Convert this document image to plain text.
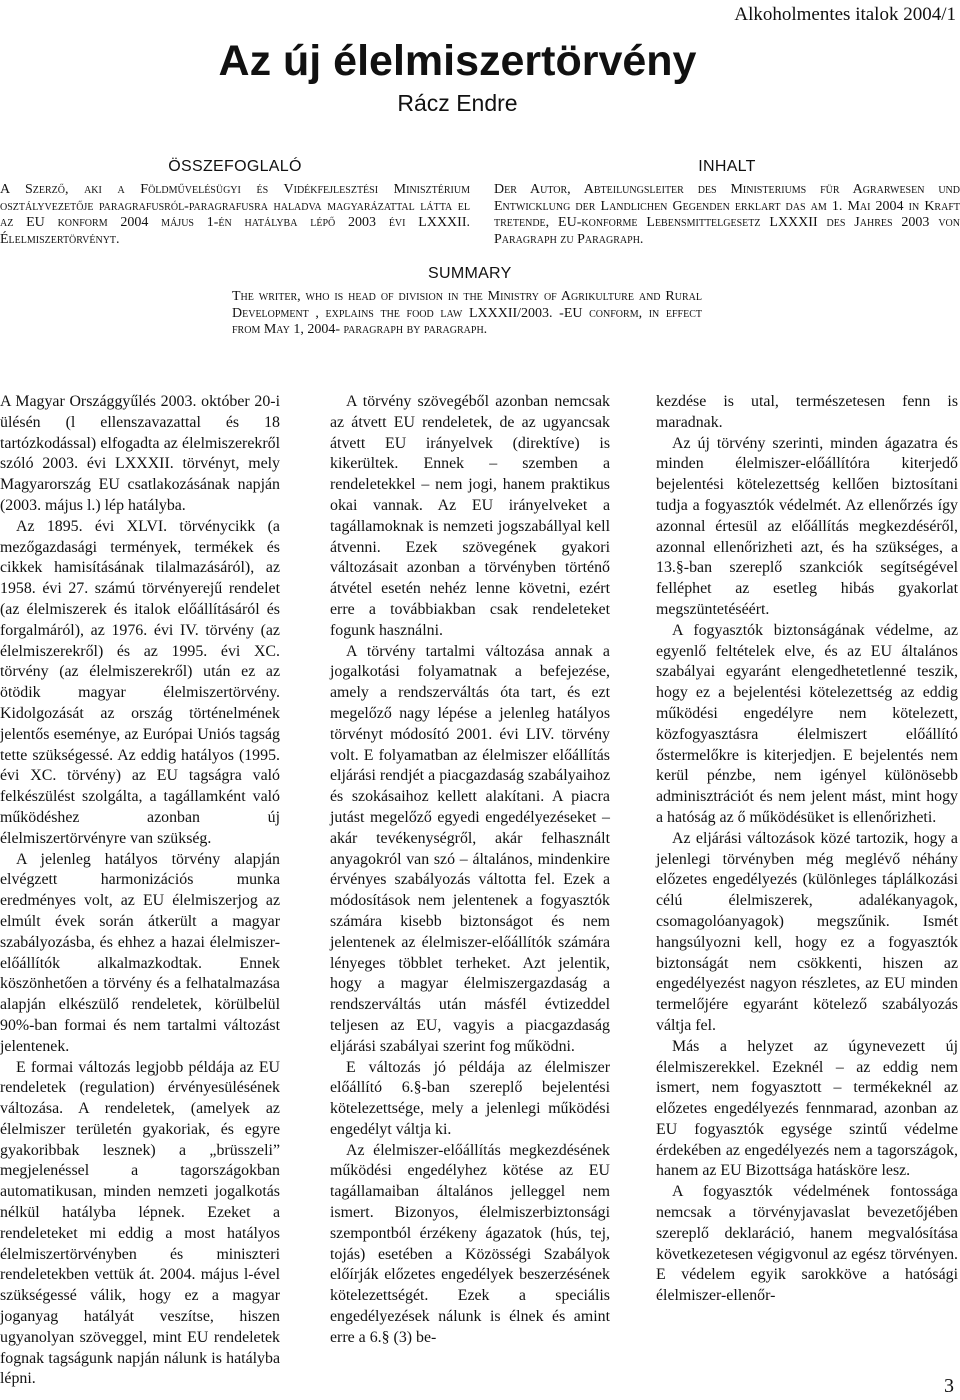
Alkoholmentes italok 2004/1
Az új élelmiszertörvény
Rácz Endre
ÖSSZEFOGLALÓ

A Szerző, aki a Földművelésügyi és Vidékfejlesztési Minisztérium osztályvezetője paragrafusról-paragrafusra haladva magyarázattal látta el az EU konform 2004 május 1-én hatályba lépő 2003 évi LXXXII. Élelmiszertörvényt.

INHALT

Der Autor, Abteilungsleiter des Ministeriums für Agrarwesen und Entwicklung der Landlichen Gegenden erklart das am 1. Mai 2004 in Kraft tretende, EU-konforme Lebensmittelgesetz LXXXII des Jahres 2003 von Paragraph zu Paragraph.

SUMMARY

The writer, who is head of division in the Ministry of Agrikulture and Rural Development , explains the food law LXXXII/2003. -EU conform, in effect from May 1, 2004- paragraph by paragraph.

A Magyar Országgyűlés 2003. október 20-i ülésén (l ellenszavazattal és 18 tartózkodással) elfogadta az élelmiszerekről szóló 2003. évi LXXXII. törvényt, mely Magyarország EU csatlakozásának napján (2003. május l.) lép hatályba.

Az 1895. évi XLVI. törvénycikk (a mezőgazdasági termények, termékek és cikkek hamisításának tilalmazásáról), az 1958. évi 27. számú törvényerejű rendelet (az élelmiszerek és italok előállításáról és forgalmáról), az 1976. évi IV. törvény (az élelmiszerekről) és az 1995. évi XC. törvény (az élelmiszerekről) után ez az ötödik magyar élelmiszertörvény. Kidolgozását az ország történelmének jelentős eseménye, az Európai Uniós tagság tette szükségessé. Az eddig hatályos (1995. évi XC. törvény) az EU tagságra való felkészülést szolgálta, a tagállamként való működéshez azonban új élelmiszertörvényre van szükség.

A jelenleg hatályos törvény alapján elvégzett harmonizációs munka eredményes volt, az EU élelmiszerjog az elmúlt évek során átkerült a magyar szabályozásba, és ehhez a hazai élelmiszer-előállítók alkalmazkodtak. Ennek köszönhetően a törvény és a felhatalmazása alapján elkészülő rendeletek, körülbelül 90%-ban formai és nem tartalmi változást jelentenek.

E formai változás legjobb példája az EU rendeletek (regulation) érvényesülésének változása. A rendeletek, (amelyek az élelmiszer területén gyakoriak, és egyre gyakoribbak lesznek) a „brüsszeli” megjelenéssel a tagországokban automatikusan, minden nemzeti jogalkotás nélkül hatályba lépnek. Ezeket a rendeleteket mi eddig a most hatályos élelmiszertörvényben és miniszteri rendeletekben vettük át. 2004. május l-ével szükségessé válik, hogy ez a magyar joganyag hatályát veszítse, hiszen ugyanolyan szöveggel, mint EU rendeletek fognak tagságunk napján nálunk is hatályba lépni.

A törvény szövegéből azonban nemcsak az átvett EU rendeletek, de az ugyancsak átvett EU irányelvek (direktíve) is kikerültek. Ennek – szemben a rendeletekkel – nem jogi, hanem praktikus okai vannak. Az EU irányelveket a tagállamoknak is nemzeti jogszabállyal kell átvenni. Ezek szövegének gyakori változásait azonban a törvényben történő átvétel esetén nehéz lenne követni, ezért erre a továbbiakban csak rendeleteket fogunk használni.

A törvény tartalmi változása annak a jogalkotási folyamatnak a befejezése, amely a rendszerváltás óta tart, és ezt megelőző nagy lépése a jelenleg hatályos törvényt módosító 2001. évi LIV. törvény volt. E folyamatban az élelmiszer előállítás eljárási rendjét a piacgazdaság szabályaihoz és szokásaihoz kellett alakítani. A piacra jutást megelőző egyedi engedélyezéseket – akár tevékenységről, akár felhasznált anyagokról van szó – általános, mindenkire érvényes szabályozás váltotta fel. Ezek a módosítások nem jelentenek a fogyasztók számára kisebb biztonságot és nem jelentenek az élelmiszer-előállítók számára lényeges többlet terheket. Azt jelentik, hogy a magyar élelmiszergazdaság a rendszerváltás után másfél évtizeddel teljesen az EU, vagyis a piacgazdaság eljárási szabályai szerint fog működni.

E változás jó példája az élelmiszer előállító 6.§-ban szereplő bejelentési kötelezettsége, mely a jelenlegi működési engedélyt váltja ki.

Az élelmiszer-előállítás megkezdésének működési engedélyhez kötése az EU tagállamaiban általános jelleggel nem ismert. Bizonyos, élelmiszerbiztonsági szempontból érzékeny ágazatok (hús, tej, tojás) esetében a Közösségi Szabályok előírják előzetes engedélyek beszerzésének kötelezettségét. Ezek a speciális engedélyezések nálunk is élnek és amint erre a 6.§ (3) be-

kezdése is utal, természetesen fenn is maradnak.

Az új törvény szerinti, minden ágazatra és minden élelmiszer-előállítóra kiterjedő bejelentési kötelezettség kellően biztosítani tudja a fogyasztók védelmét. Az ellenőrzés így azonnal értesül az előállítás megkezdéséről, azonnal ellenőrizheti azt, és ha szükséges, a 13.§-ban szereplő szankciók segítségével felléphet az esetleg hibás gyakorlat megszüntetéséért.

A fogyasztók biztonságának védelme, az egyenlő feltételek elve, és az EU általános szabályai egyaránt elengedhetetlenné teszik, hogy ez a bejelentési kötelezettség az eddig működési engedélyre nem kötelezett, közfogyasztásra élelmiszert előállító őstermelőkre is kiterjedjen. E bejelentés nem kerül pénzbe, nem igényel különösebb adminisztrációt és nem jelent mást, mint hogy a hatóság az ő működésüket is ellenőrizheti.

Az eljárási változások közé tartozik, hogy a jelenlegi törvényben még meglévő néhány előzetes engedélyezés (különleges táplálkozási célú élelmiszerek, adalékanyagok, csomagolóanyagok) megszűnik. Ismét hangsúlyozni kell, hogy ez a fogyasztók biztonságát nem csökkenti, hiszen az engedélyezést nagyon részletes, az EU minden termelőjére egyaránt kötelező szabályozás váltja fel.

Más a helyzet az úgynevezett új élelmiszerekkel. Ezeknél – az eddig nem ismert, nem fogyasztott – termékeknél az előzetes engedélyezés fennmarad, azonban az EU fogyasztók egysége szintű védelme érdekében az engedélyezés nem a tagországok, hanem az EU Bizottsága hatásköre lesz.

A fogyasztók védelmének fontossága nemcsak a törvényjavaslat bevezetőjében szereplő deklaráció, hanem megvalósítása következetesen végigvonul az egész törvényen. E védelem egyik sarokköve a hatósági élelmiszer-ellenőr-

3
